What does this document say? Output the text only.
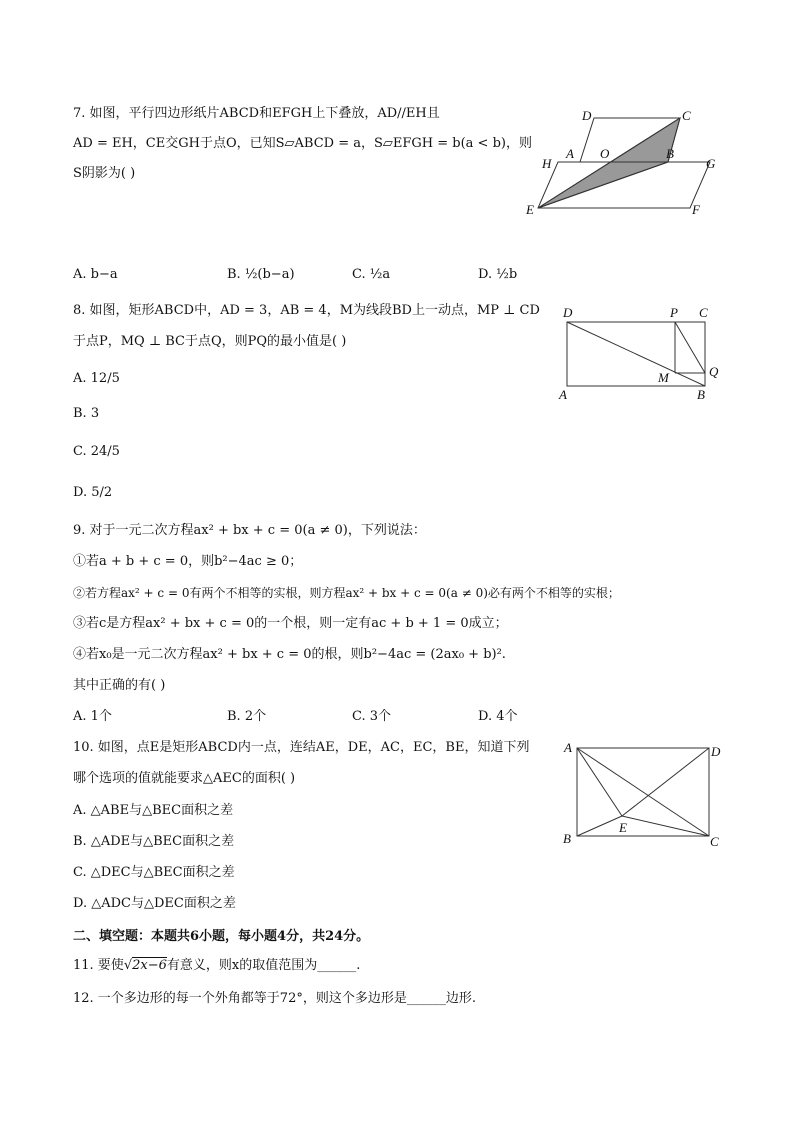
7. 如图，平行四边形纸片ABCD和EFGH上下叠放，AD//EH且
AD = EH，CE交GH于点O，已知S▱ABCD = a，S▱EFGH = b(a < b)，则
S阴影为( )
D	C
H
A O	B
G
E	F
A. b−a	B. ½(b−a)	C. ½a	D. ½b
8. 如图，矩形ABCD中，AD = 3，AB = 4，M为线段BD上一动点，MP ⊥ CD
于点P，MQ ⊥ BC于点Q，则PQ的最小值是( )
A. 12/5
B. 3
C. 24/5
D. 5/2
D	P C
M	Q
A	B
9. 对于一元二次方程ax² + bx + c = 0(a ≠ 0)，下列说法：
①若a + b + c = 0，则b²−4ac ≥ 0；
②若方程ax² + c = 0有两个不相等的实根，则方程ax² + bx + c = 0(a ≠ 0)必有两个不相等的实根；
③若c是方程ax² + bx + c = 0的一个根，则一定有ac + b + 1 = 0成立；
④若x₀是一元二次方程ax² + bx + c = 0的根，则b²−4ac = (2ax₀ + b)².
其中正确的有( )
A. 1个	B. 2个	C. 3个	D. 4个
10. 如图，点E是矩形ABCD内一点，连结AE，DE，AC，EC，BE，知道下列
哪个选项的值就能要求△AEC的面积( )
A. △ABE与△BEC面积之差
B. △ADE与△BEC面积之差
C. △DEC与△BEC面积之差
D. △ADC与△DEC面积之差
A	D
E
B	C
二、填空题：本题共6小题，每小题4分，共24分。
11. 要使√2x−6有意义，则x的取值范围为______.
12. 一个多边形的每一个外角都等于72°，则这个多边形是______边形.
